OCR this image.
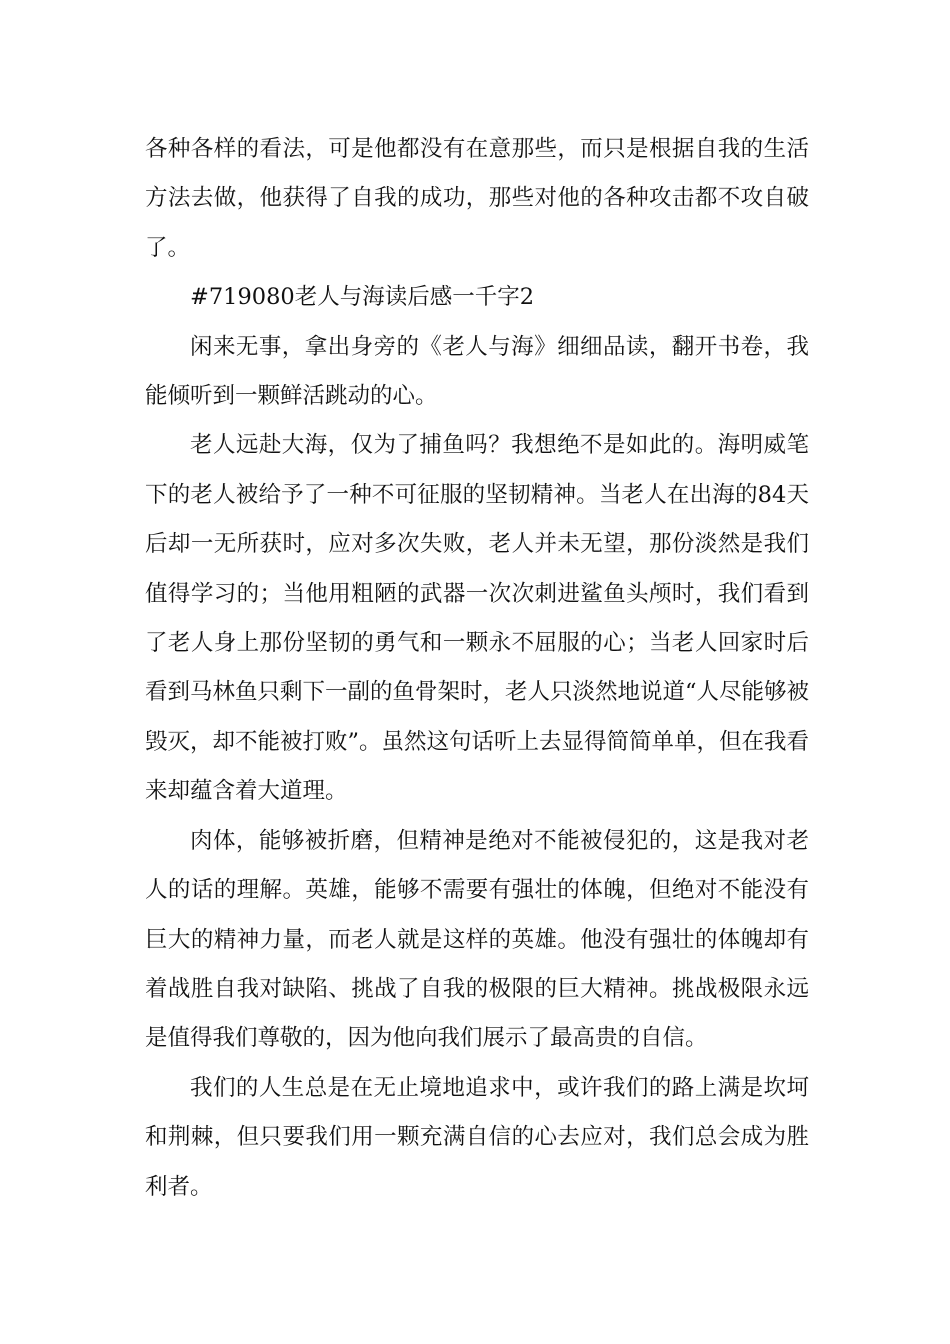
各种各样的看法，可是他都没有在意那些，而只是根据自我的生活方法去做，他获得了自我的成功，那些对他的各种攻击都不攻自破了。

#719080老人与海读后感一千字2

闲来无事，拿出身旁的《老人与海》细细品读，翻开书卷，我能倾听到一颗鲜活跳动的心。

老人远赴大海，仅为了捕鱼吗？我想绝不是如此的。海明威笔下的老人被给予了一种不可征服的坚韧精神。当老人在出海的84天后却一无所获时，应对多次失败，老人并未无望，那份淡然是我们值得学习的；当他用粗陋的武器一次次刺进鲨鱼头颅时，我们看到了老人身上那份坚韧的勇气和一颗永不屈服的心；当老人回家时后看到马林鱼只剩下一副的鱼骨架时，老人只淡然地说道“人尽能够被毁灭，却不能被打败”。虽然这句话听上去显得简简单单，但在我看来却蕴含着大道理。

肉体，能够被折磨，但精神是绝对不能被侵犯的，这是我对老人的话的理解。英雄，能够不需要有强壮的体魄，但绝对不能没有巨大的精神力量，而老人就是这样的英雄。他没有强壮的体魄却有着战胜自我对缺陷、挑战了自我的极限的巨大精神。挑战极限永远是值得我们尊敬的，因为他向我们展示了最高贵的自信。

我们的人生总是在无止境地追求中，或许我们的路上满是坎坷和荆棘，但只要我们用一颗充满自信的心去应对，我们总会成为胜利者。
